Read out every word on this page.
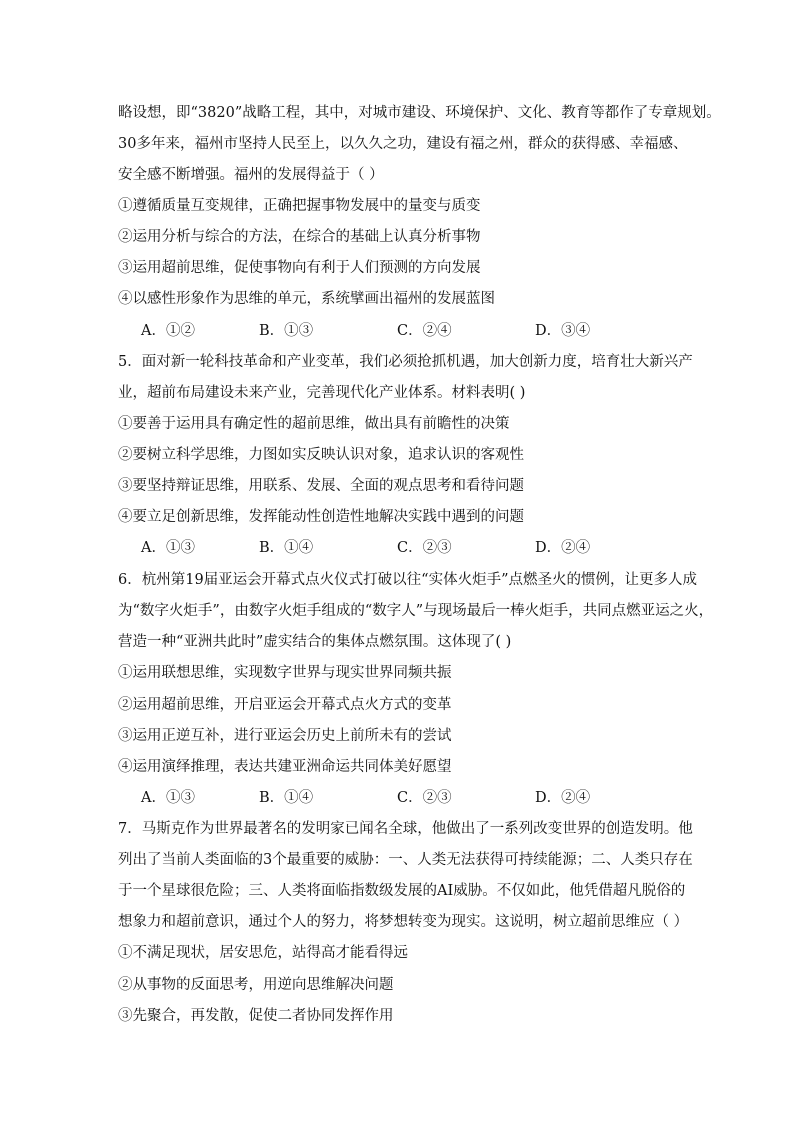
略设想，即“3820”战略工程，其中，对城市建设、环境保护、文化、教育等都作了专章规划。
30多年来，福州市坚持人民至上，以久久之功，建设有福之州，群众的获得感、幸福感、
安全感不断增强。福州的发展得益于（ ）
①遵循质量互变规律，正确把握事物发展中的量变与质变
②运用分析与综合的方法，在综合的基础上认真分析事物
③运用超前思维，促使事物向有利于人们预测的方向发展
④以感性形象作为思维的单元，系统擘画出福州的发展蓝图
A．①②	B．①③	C．②④	D．③④
5．面对新一轮科技革命和产业变革，我们必须抢抓机遇，加大创新力度，培育壮大新兴产
业，超前布局建设未来产业，完善现代化产业体系。材料表明( )
①要善于运用具有确定性的超前思维，做出具有前瞻性的决策
②要树立科学思维，力图如实反映认识对象，追求认识的客观性
③要坚持辩证思维，用联系、发展、全面的观点思考和看待问题
④要立足创新思维，发挥能动性创造性地解决实践中遇到的问题
A．①③	B．①④	C．②③	D．②④
6．杭州第19届亚运会开幕式点火仪式打破以往“实体火炬手”点燃圣火的惯例，让更多人成
为“数字火炬手”，由数字火炬手组成的“数字人”与现场最后一棒火炬手，共同点燃亚运之火，
营造一种“亚洲共此时”虚实结合的集体点燃氛围。这体现了( )
①运用联想思维，实现数字世界与现实世界同频共振
②运用超前思维，开启亚运会开幕式点火方式的变革
③运用正逆互补，进行亚运会历史上前所未有的尝试
④运用演绎推理，表达共建亚洲命运共同体美好愿望
A．①③	B．①④	C．②③	D．②④
7．马斯克作为世界最著名的发明家已闻名全球，他做出了一系列改变世界的创造发明。他
列出了当前人类面临的3个最重要的威胁：一、人类无法获得可持续能源；二、人类只存在
于一个星球很危险；三、人类将面临指数级发展的AI威胁。不仅如此，他凭借超凡脱俗的
想象力和超前意识，通过个人的努力，将梦想转变为现实。这说明，树立超前思维应（ ）
①不满足现状，居安思危，站得高才能看得远
②从事物的反面思考，用逆向思维解决问题
③先聚合，再发散，促使二者协同发挥作用
